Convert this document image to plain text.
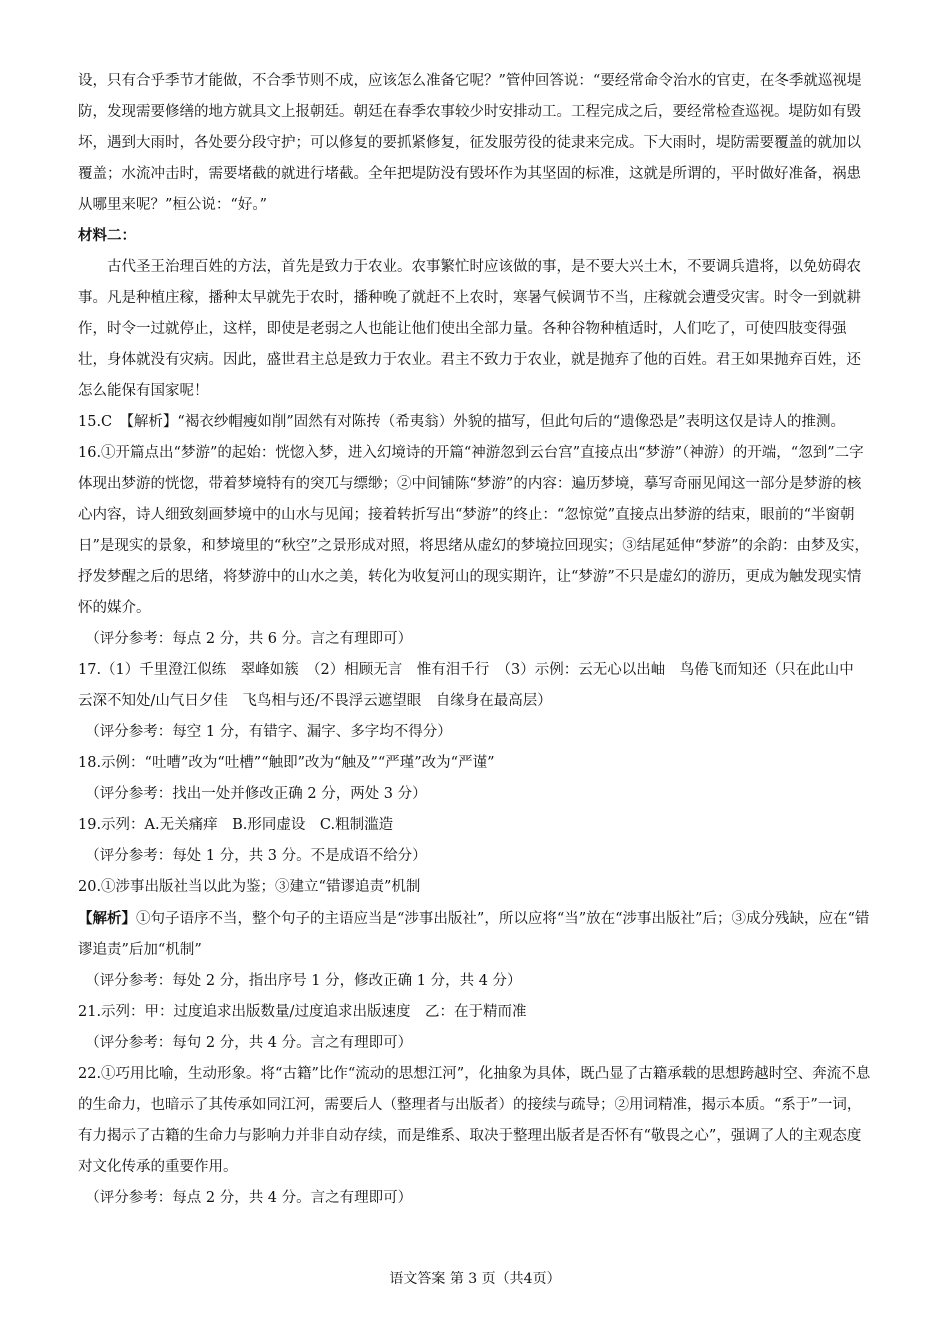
设，只有合乎季节才能做，不合季节则不成，应该怎么准备它呢？”管仲回答说：“要经常命令治水的官吏，在冬季就巡视堤防，发现需要修缮的地方就具文上报朝廷。朝廷在春季农事较少时安排动工。工程完成之后，要经常检查巡视。堤防如有毁坏，遇到大雨时，各处要分段守护；可以修复的要抓紧修复，征发服劳役的徒隶来完成。下大雨时，堤防需要覆盖的就加以覆盖；水流冲击时，需要堵截的就进行堵截。全年把堤防没有毁坏作为其坚固的标准，这就是所谓的，平时做好准备，祸患从哪里来呢？”桓公说：“好。”

材料二：

古代圣王治理百姓的方法，首先是致力于农业。农事繁忙时应该做的事，是不要大兴土木，不要调兵遣将，以免妨碍农事。凡是种植庄稼，播种太早就先于农时，播种晚了就赶不上农时，寒暑气候调节不当，庄稼就会遭受灾害。时令一到就耕作，时令一过就停止，这样，即使是老弱之人也能让他们使出全部力量。各种谷物种植适时，人们吃了，可使四肢变得强壮，身体就没有灾病。因此，盛世君主总是致力于农业。君主不致力于农业，就是抛弃了他的百姓。君王如果抛弃百姓，还怎么能保有国家呢！

15.C　【解析】“褐衣纱帽瘦如削”固然有对陈抟（希夷翁）外貌的描写，但此句后的“遗像恐是”表明这仅是诗人的推测。

16.①开篇点出“梦游”的起始：恍惚入梦，进入幻境诗的开篇“神游忽到云台宫”直接点出“梦游”（神游）的开端，“忽到”二字体现出梦游的恍惚，带着梦境特有的突兀与缥缈；②中间铺陈“梦游”的内容：遍历梦境，摹写奇丽见闻这一部分是梦游的核心内容，诗人细致刻画梦境中的山水与见闻；接着转折写出“梦游”的终止：“忽惊觉”直接点出梦游的结束，眼前的“半窗朝日”是现实的景象，和梦境里的“秋空”之景形成对照，将思绪从虚幻的梦境拉回现实；③结尾延伸“梦游”的余韵：由梦及实，抒发梦醒之后的思绪，将梦游中的山水之美，转化为收复河山的现实期许，让“梦游”不只是虚幻的游历，更成为触发现实情怀的媒介。

（评分参考：每点 2 分，共 6 分。言之有理即可）

17.（1）千里澄江似练　翠峰如簇　（2）相顾无言　惟有泪千行　（3）示例：云无心以出岫　鸟倦飞而知还（只在此山中　云深不知处/山气日夕佳　飞鸟相与还/不畏浮云遮望眼　自缘身在最高层）

（评分参考：每空 1 分，有错字、漏字、多字均不得分）

18.示例：“吐嘈”改为“吐槽”“触即”改为“触及”“严瑾”改为“严谨”

（评分参考：找出一处并修改正确 2 分，两处 3 分）

19.示列：A.无关痛痒　B.形同虚设　C.粗制滥造

（评分参考：每处 1 分，共 3 分。不是成语不给分）

20.①涉事出版社当以此为鉴；③建立“错谬追责”机制

【解析】①句子语序不当，整个句子的主语应当是“涉事出版社”，所以应将“当”放在“涉事出版社”后；③成分残缺，应在“错谬追责”后加“机制”

（评分参考：每处 2 分，指出序号 1 分，修改正确 1 分，共 4 分）

21.示列：甲：过度追求出版数量/过度追求出版速度　乙：在于精而准

（评分参考：每句 2 分，共 4 分。言之有理即可）

22.①巧用比喻，生动形象。将“古籍”比作“流动的思想江河”，化抽象为具体，既凸显了古籍承载的思想跨越时空、奔流不息的生命力，也暗示了其传承如同江河，需要后人（整理者与出版者）的接续与疏导；②用词精准，揭示本质。“系于”一词，有力揭示了古籍的生命力与影响力并非自动存续，而是维系、取决于整理出版者是否怀有“敬畏之心”，强调了人的主观态度对文化传承的重要作用。

（评分参考：每点 2 分，共 4 分。言之有理即可）

语文答案 第 3 页（共4页）
